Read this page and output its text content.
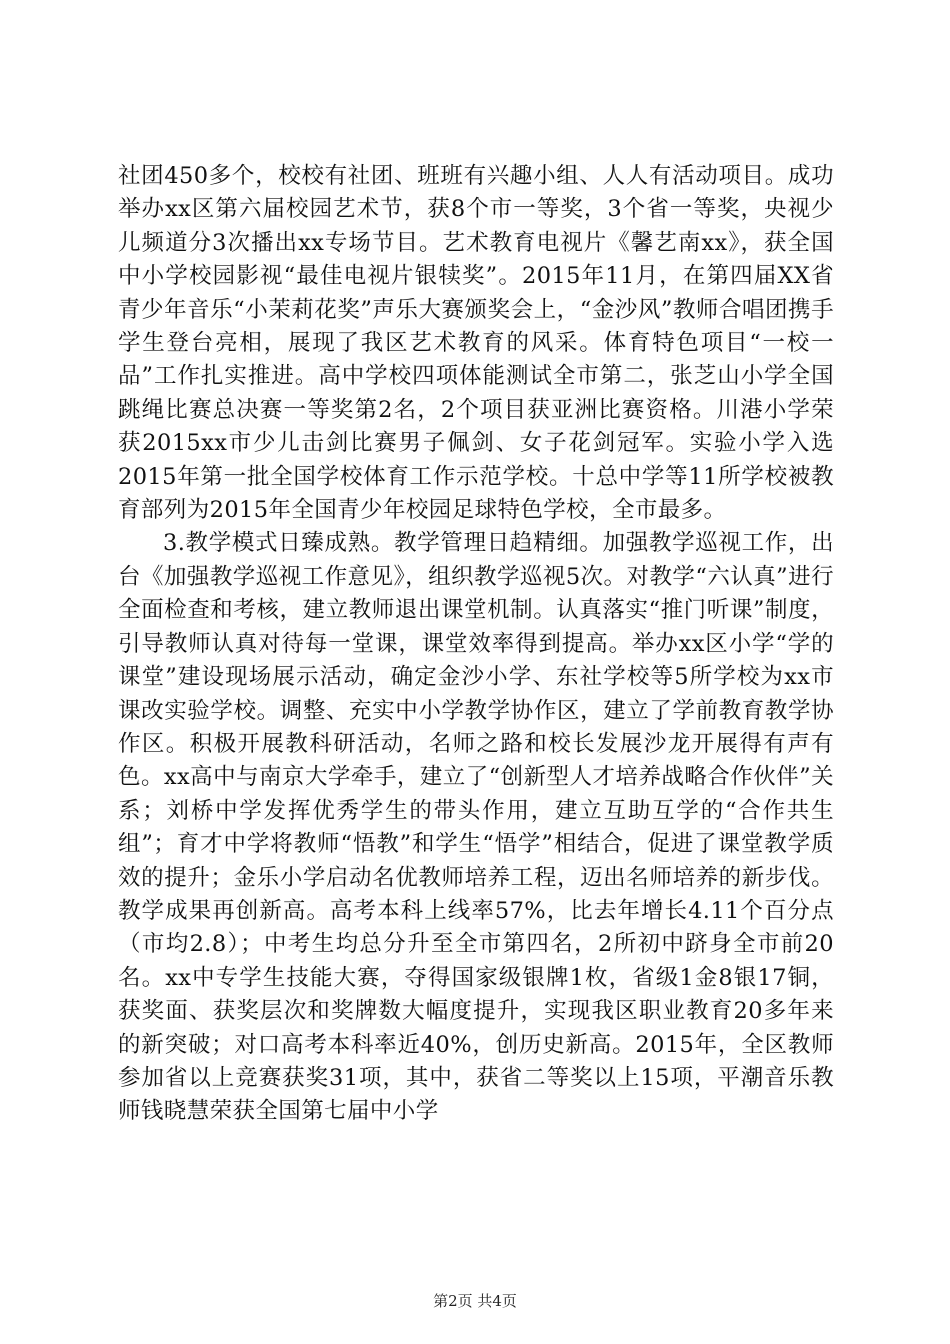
社团450多个，校校有社团、班班有兴趣小组、人人有活动项目。成功举办xx区第六届校园艺术节，获8个市一等奖，3个省一等奖，央视少儿频道分3次播出xx专场节目。艺术教育电视片《馨艺南xx》，获全国中小学校园影视“最佳电视片银犊奖”。2015年11月，在第四届XX省青少年音乐“小茉莉花奖”声乐大赛颁奖会上，“金沙风”教师合唱团携手学生登台亮相，展现了我区艺术教育的风采。体育特色项目“一校一品”工作扎实推进。高中学校四项体能测试全市第二，张芝山小学全国跳绳比赛总决赛一等奖第2名，2个项目获亚洲比赛资格。川港小学荣获2015xx市少儿击剑比赛男子佩剑、女子花剑冠军。实验小学入选2015年第一批全国学校体育工作示范学校。十总中学等11所学校被教育部列为2015年全国青少年校园足球特色学校，全市最多。

3.教学模式日臻成熟。教学管理日趋精细。加强教学巡视工作，出台《加强教学巡视工作意见》，组织教学巡视5次。对教学“六认真”进行全面检查和考核，建立教师退出课堂机制。认真落实“推门听课”制度，引导教师认真对待每一堂课，课堂效率得到提高。举办xx区小学“学的课堂”建设现场展示活动，确定金沙小学、东社学校等5所学校为xx市课改实验学校。调整、充实中小学教学协作区，建立了学前教育教学协作区。积极开展教科研活动，名师之路和校长发展沙龙开展得有声有色。xx高中与南京大学牵手，建立了“创新型人才培养战略合作伙伴”关系；刘桥中学发挥优秀学生的带头作用，建立互助互学的“合作共生组”；育才中学将教师“悟教”和学生“悟学”相结合，促进了课堂教学质效的提升；金乐小学启动名优教师培养工程，迈出名师培养的新步伐。教学成果再创新高。高考本科上线率57%，比去年增长4.11个百分点（市均2.8）；中考生均总分升至全市第四名，2所初中跻身全市前20名。xx中专学生技能大赛，夺得国家级银牌1枚，省级1金8银17铜，获奖面、获奖层次和奖牌数大幅度提升，实现我区职业教育20多年来的新突破；对口高考本科率近40%，创历史新高。2015年，全区教师参加省以上竞赛获奖31项，其中，获省二等奖以上15项，平潮音乐教师钱晓慧荣获全国第七届中小学

第2页 共4页
